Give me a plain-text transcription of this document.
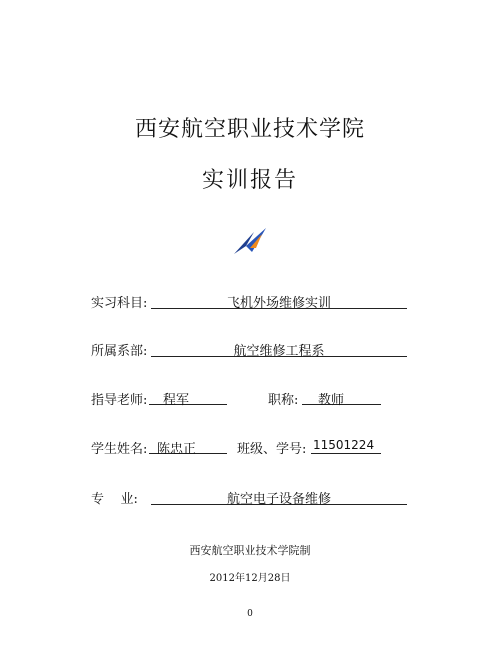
西安航空职业技术学院
实训报告
实习科目:	飞机外场维修实训
所属系部:	航空维修工程系
指导老师:	程军	职称:	教师
学生姓名: 陈忠正	班级、学号: 11501224
专    业:	航空电子设备维修
西安航空职业技术学院制
2012年12月28日
0
